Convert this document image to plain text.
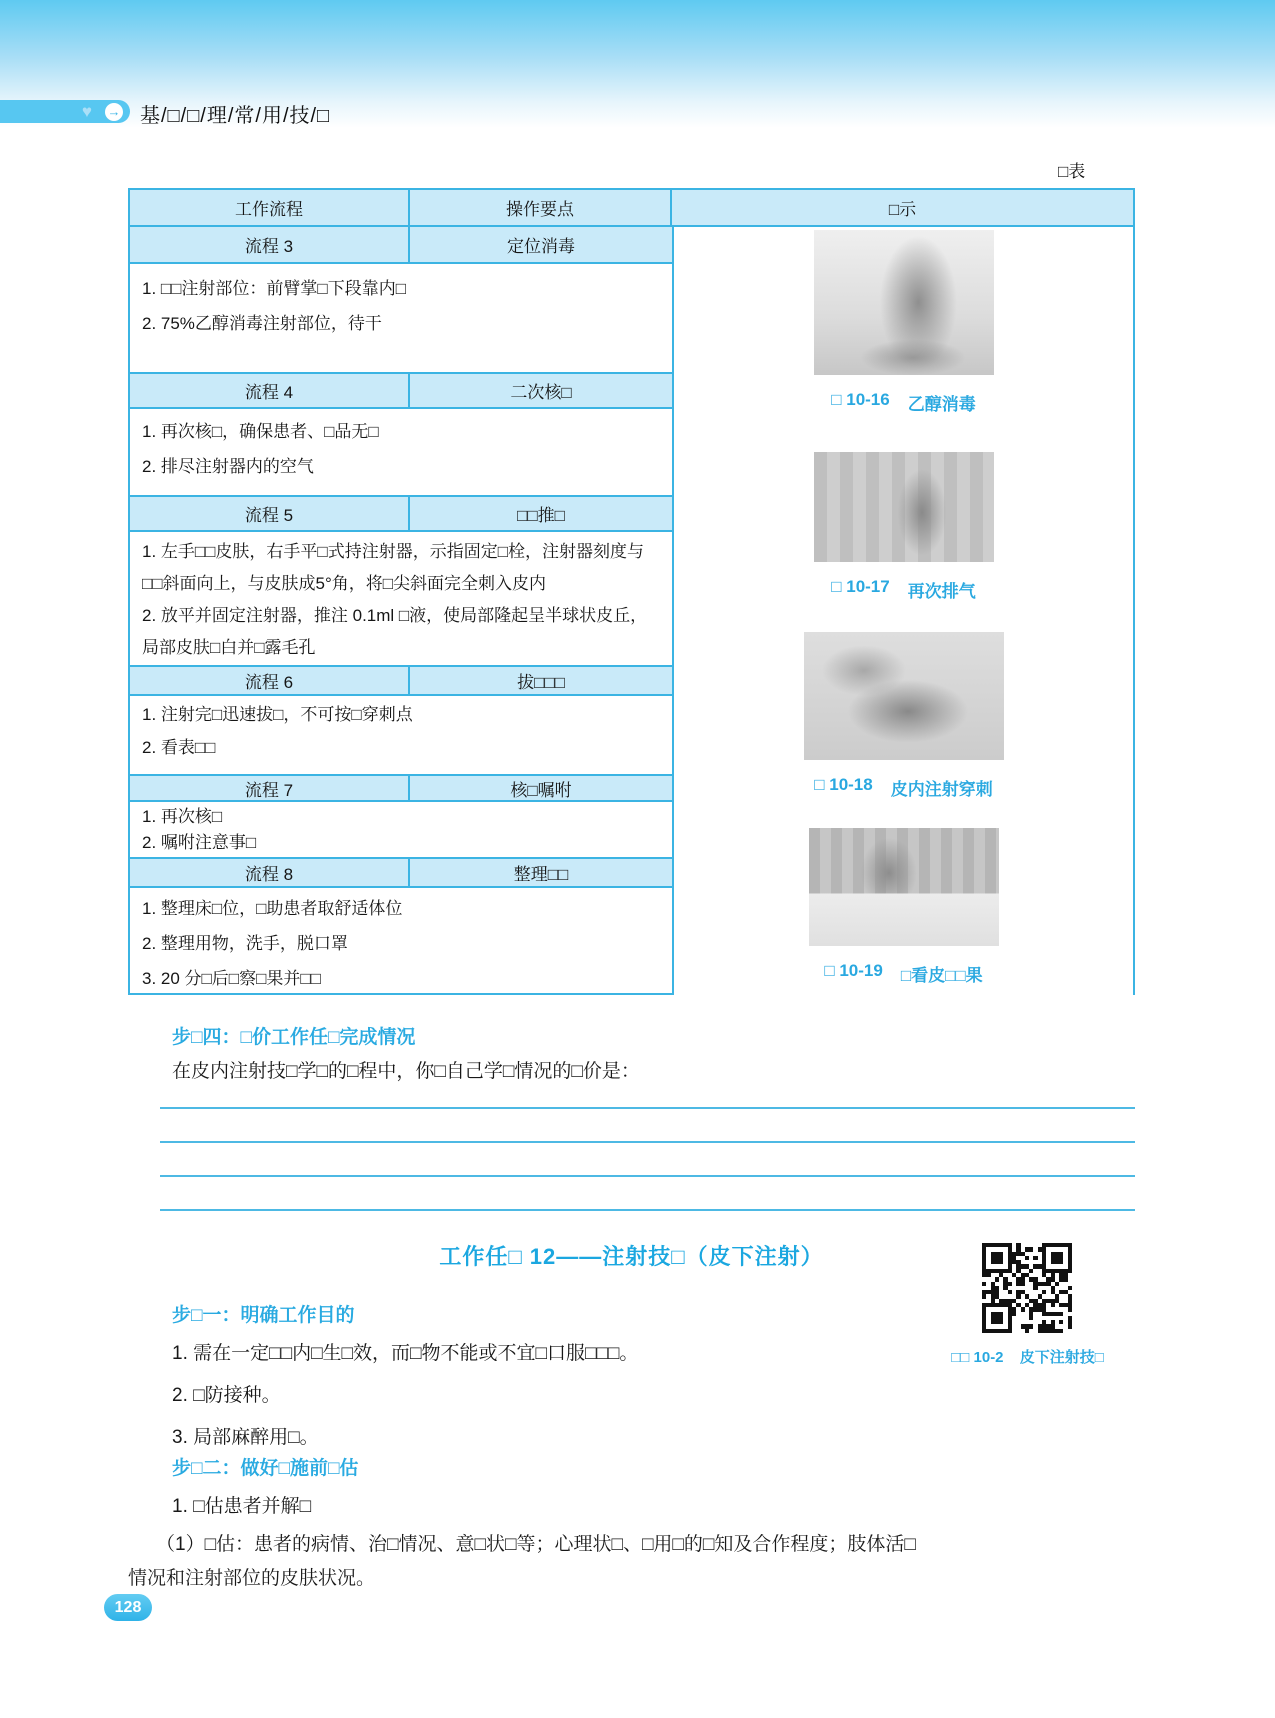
♥ → 基/□/□/理/常/用/技/□
□表
工作流程	操作要点	□示
流程 3	定位消毒

1. □□注射部位：前臂掌□下段靠内□

2. 75%乙醇消毒注射部位，待干

流程 4	二次核□

1. 再次核□，确保患者、□品无□

2. 排尽注射器内的空气

流程 5	□□推□

1. 左手□□皮肤，右手平□式持注射器，示指固定□栓，注射器刻度与□□斜面向上，与皮肤成5°角，将□尖斜面完全刺入皮内

2. 放平并固定注射器，推注 0.1ml □液，使局部隆起呈半球状皮丘，局部皮肤□白并□露毛孔

流程 6	拔□□□

1. 注射完□迅速拔□，不可按□穿刺点

2. 看表□□

流程 7	核□嘱咐

1. 再次核□

2. 嘱咐注意事□

流程 8	整理□□

1. 整理床□位，□助患者取舒适体位

2. 整理用物，洗手，脱口罩

3. 20 分□后□察□果并□□

□ 10-16 乙醇消毒
□ 10-17 再次排气
□ 10-18 皮内注射穿刺
□ 10-19 □看皮□□果
步□四：□价工作任□完成情况
在皮内注射技□学□的□程中，你□自己学□情况的□价是：
工作任□ 12——注射技□（皮下注射）
□□ 10-2 皮下注射技□
步□一：明确工作目的
1. 需在一定□□内□生□效，而□物不能或不宜□口服□□□。
2. □防接种。
3. 局部麻醉用□。
步□二：做好□施前□估
1. □估患者并解□
（1）□估：患者的病情、治□情况、意□状□等；心理状□、□用□的□知及合作程度；肢体活□
情况和注射部位的皮肤状况。
128
